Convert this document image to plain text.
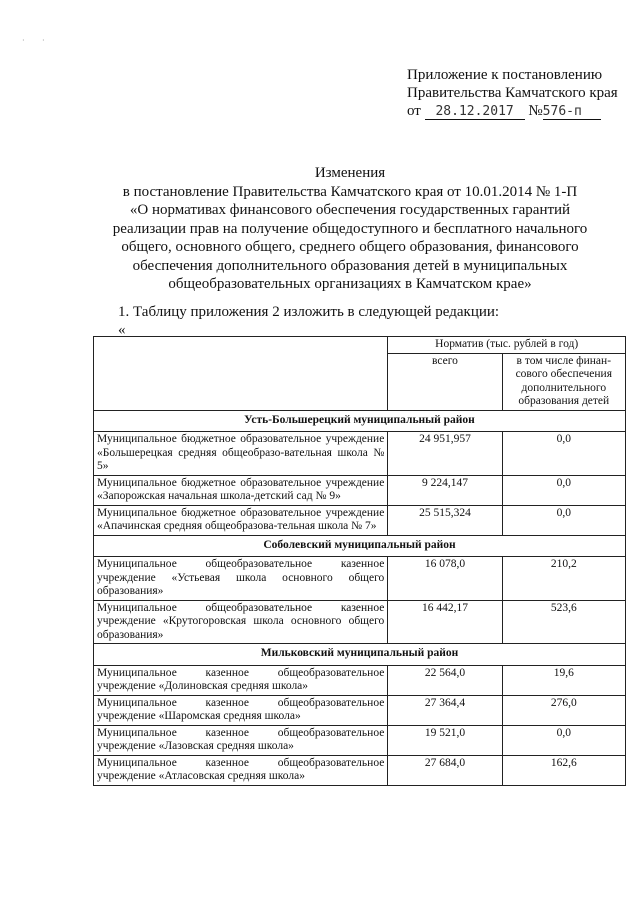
· ·
Приложение к постановлению
Правительства Камчатского края
от 28.12.2017 №576-п
Изменения
в постановление Правительства Камчатского края от 10.01.2014 № 1-П
«О нормативах финансового обеспечения государственных гарантий
реализации прав на получение общедоступного и бесплатного начального
общего, основного общего, среднего общего образования, финансового
обеспечения дополнительного образования детей в муниципальных
общеобразовательных организациях в Камчатском крае»
1. Таблицу приложения 2 изложить в следующей редакции:
«
	Норматив (тыс. рублей в год)	
	всего	в том числе финан-сового обеспечения дополнительного образования детей
Усть-Большерецкий муниципальный район		
Муниципальное бюджетное образовательное учреждение «Большерецкая средняя общеобразо-вательная школа № 5»	24 951,957	0,0
Муниципальное бюджетное образовательное учреждение «Запорожская начальная школа-детский сад № 9»	9 224,147	0,0
Муниципальное бюджетное образовательное учреждение «Апачинская средняя общеобразова-тельная школа № 7»	25 515,324	0,0
Соболевский муниципальный район		
Муниципальное общеобразовательное казенное учреждение «Устьевая школа основного общего образования»	16 078,0	210,2
Муниципальное общеобразовательное казенное учреждение «Крутогоровская школа основного общего образования»	16 442,17	523,6
Мильковский муниципальный район		
Муниципальное казенное общеобразовательное учреждение «Долиновская средняя школа»	22 564,0	19,6
Муниципальное казенное общеобразовательное учреждение «Шаромская средняя школа»	27 364,4	276,0
Муниципальное казенное общеобразовательное учреждение «Лазовская средняя школа»	19 521,0	0,0
Муниципальное казенное общеобразовательное учреждение «Атласовская средняя школа»	27 684,0	162,6
